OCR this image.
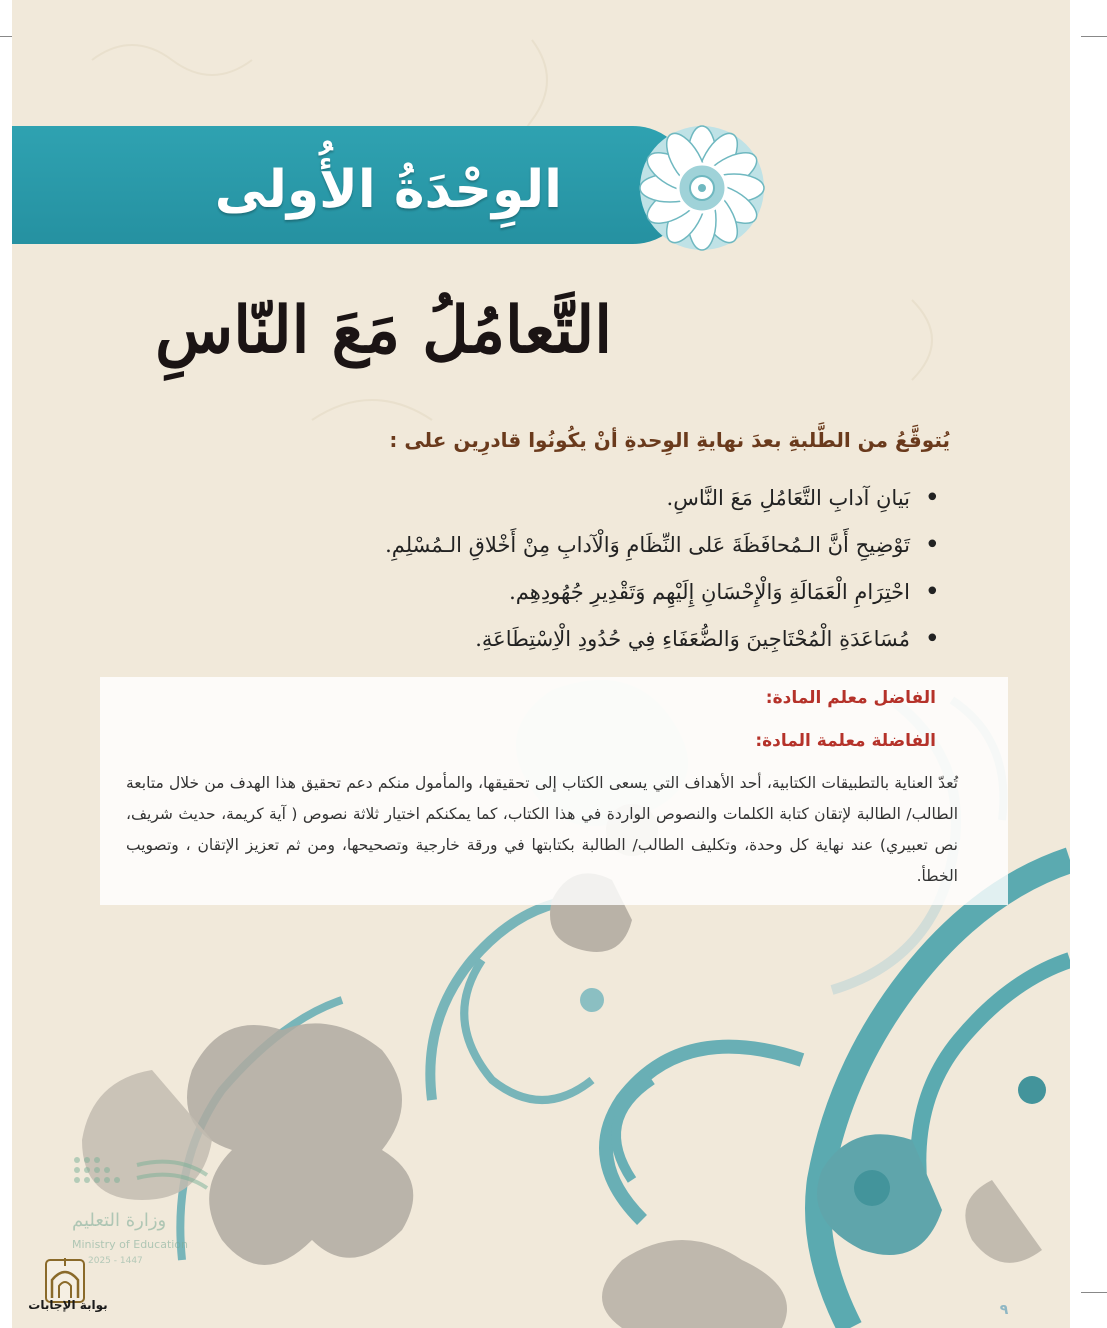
الوِحْدَةُ الأُولى
التَّعامُلُ مَعَ النّاسِ
يُتوقَّعُ من الطَّلبةِ بعدَ نهايةِ الوِحدةِ أنْ يكُونُوا قادرِين على :
• بَيانِ آدابِ التَّعَامُلِ مَعَ النَّاسِ.
• تَوْضِيحِ أَنَّ الـمُحافَظَةَ عَلى النِّظَامِ وَالْآدابِ مِنْ أَخْلاقِ الـمُسْلِمِ.
• احْتِرَامِ الْعَمَالَةِ وَالْإِحْسَانِ إِلَيْهِم وَتَقْدِيرِ جُهُودِهِم.
• مُسَاعَدَةِ الْمُحْتَاجِينَ وَالضُّعَفَاءِ فِي حُدُودِ الْاِسْتِطَاعَةِ.
الفاضل معلم المادة:
الفاضلة معلمة المادة:
تُعدّ العناية بالتطبيقات الكتابية، أحد الأهداف التي يسعى الكتاب إلى تحقيقها، والمأمول منكم دعم تحقيق هذا الهدف من خلال متابعة الطالب/ الطالبة لإتقان كتابة الكلمات والنصوص الواردة في هذا الكتاب، كما يمكنكم اختيار ثلاثة نصوص ( آية كريمة، حديث شريف، نص تعبيري) عند نهاية كل وحدة، وتكليف الطالب/ الطالبة بكتابتها في ورقة خارجية وتصحيحها، ومن ثم تعزيز الإتقان ، وتصويب الخطأ.
وزارة التعليم
Ministry of Education
2025 - 1447
٩
بوابة الإجابات
